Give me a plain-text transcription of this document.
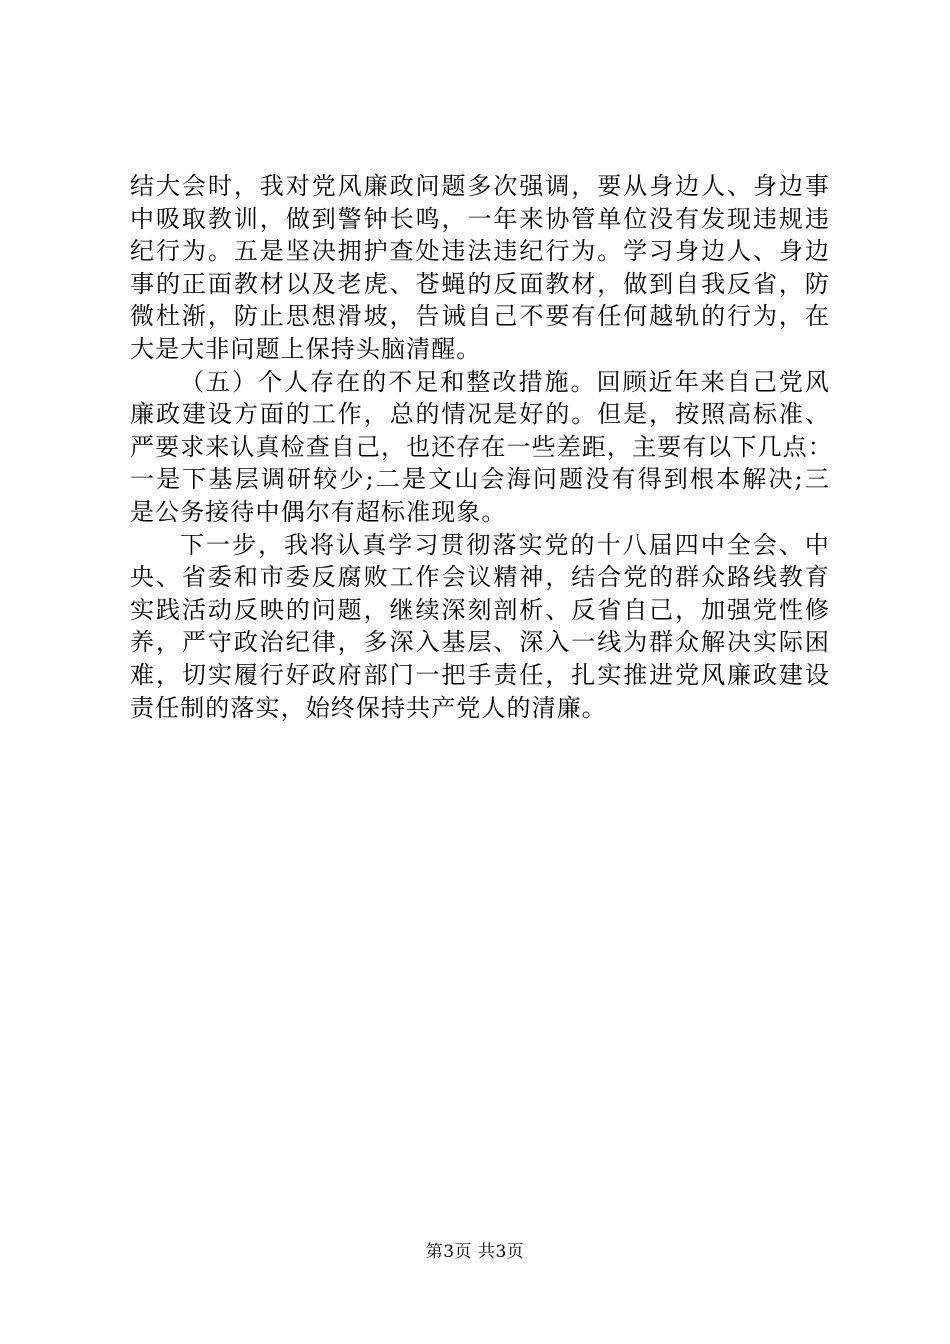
结大会时，我对党风廉政问题多次强调，要从身边人、身边事
中吸取教训，做到警钟长鸣，一年来协管单位没有发现违规违
纪行为。五是坚决拥护查处违法违纪行为。学习身边人、身边
事的正面教材以及老虎、苍蝇的反面教材，做到自我反省，防
微杜渐，防止思想滑坡，告诫自己不要有任何越轨的行为，在
大是大非问题上保持头脑清醒。
（五）个人存在的不足和整改措施。回顾近年来自己党风
廉政建设方面的工作，总的情况是好的。但是，按照高标准、
严要求来认真检查自己，也还存在一些差距，主要有以下几点：
一是下基层调研较少;二是文山会海问题没有得到根本解决;三
是公务接待中偶尔有超标准现象。
下一步，我将认真学习贯彻落实党的十八届四中全会、中
央、省委和市委反腐败工作会议精神，结合党的群众路线教育
实践活动反映的问题，继续深刻剖析、反省自己，加强党性修
养，严守政治纪律，多深入基层、深入一线为群众解决实际困
难，切实履行好政府部门一把手责任，扎实推进党风廉政建设
责任制的落实，始终保持共产党人的清廉。
第3页 共3页
